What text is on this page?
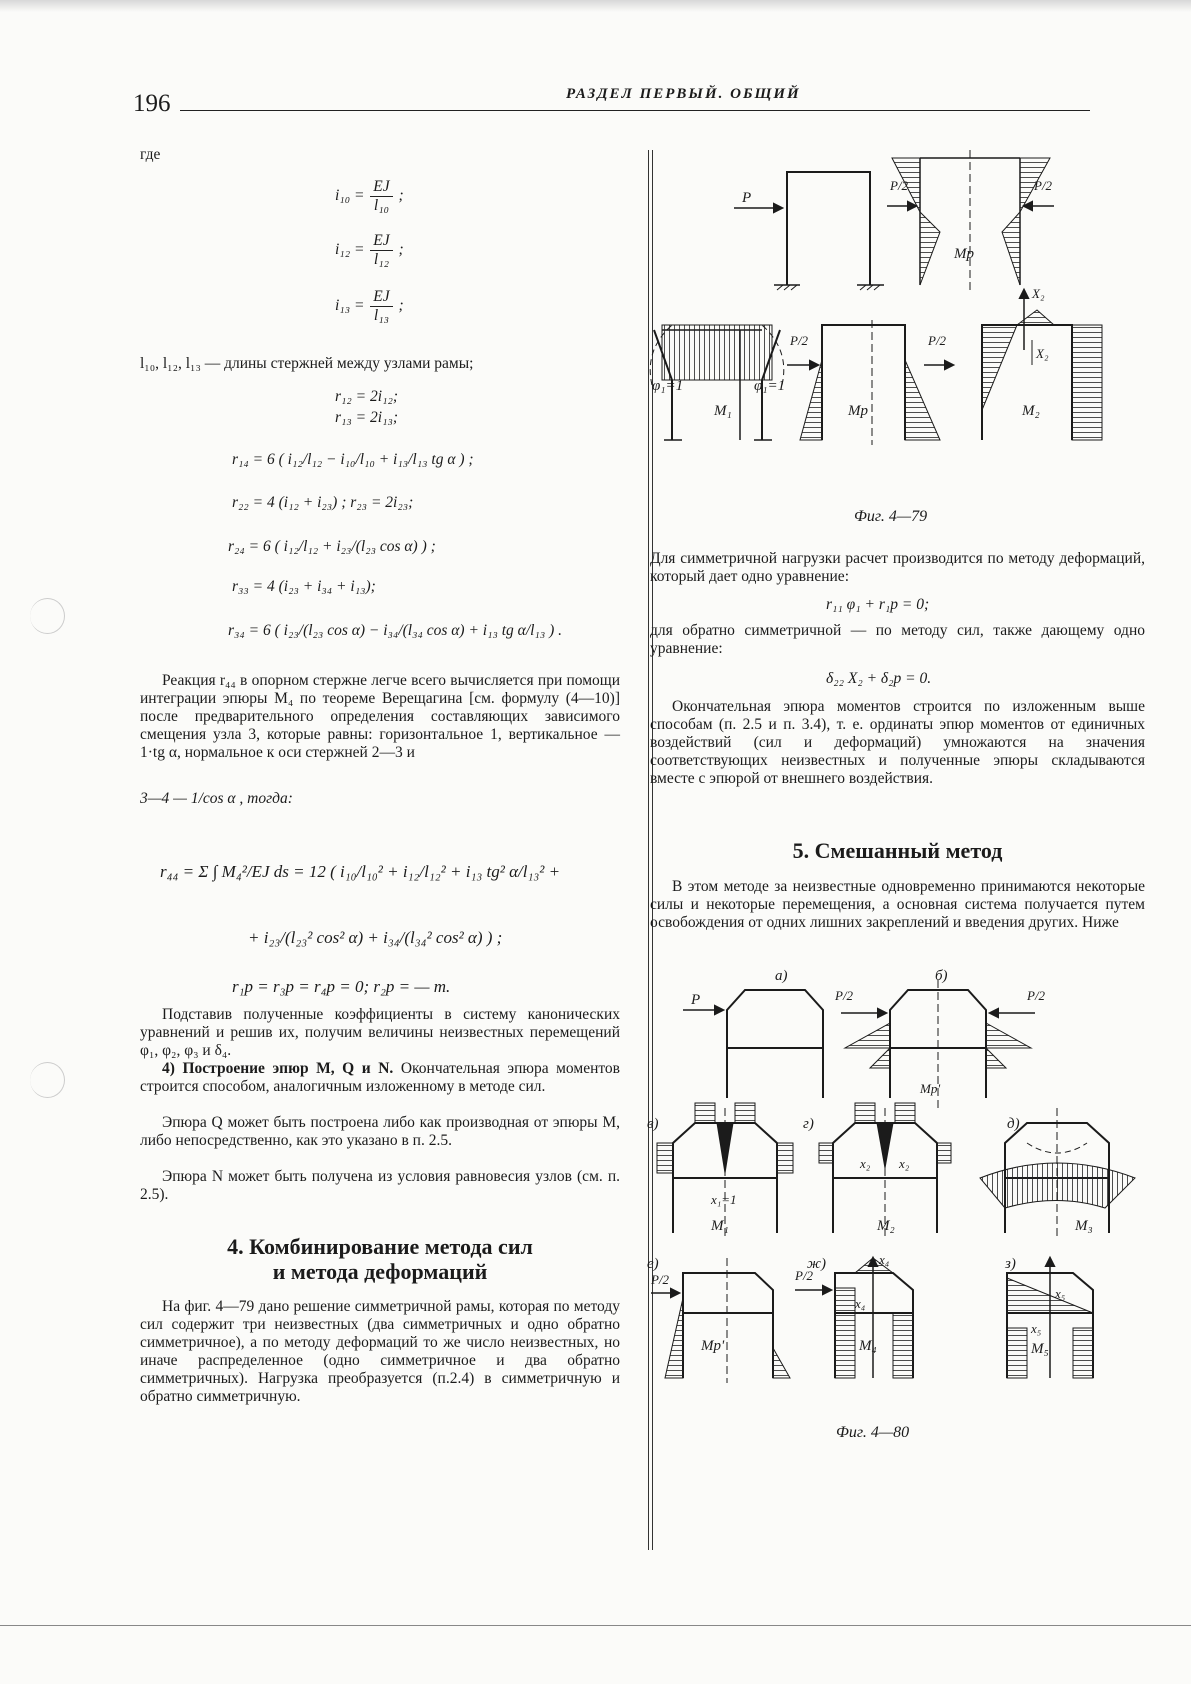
196	РАЗДЕЛ ПЕРВЫЙ. ОБЩИЙ
где
$i_{10} = \frac{EJ}{\text{l₁₀}}$ ;
$i_{12} = \frac{EJ}{\text{l₁₂}}$ ;
$i_{13} = \frac{EJ}{\text{l₁₃}}$ ;
l₁₀, l₁₂, l₁₃ — длины стержней между узлами рамы;
r₁₂ = 2i₁₂;
r₁₃ = 2i₁₃;
r₁₄ = 6 ( i₁₂/l₁₂ − i₁₀/l₁₀ + i₁₃/l₁₃ tg α ) ;
r₂₂ = 4 (i₁₂ + i₂₃) ; r₂₃ = 2i₂₃;
r₂₄ = 6 ( i₁₂/l₁₂ + i₂₃/(l₂₃ cos α) ) ;
r₃₃ = 4 (i₂₃ + i₃₄ + i₁₃);
r₃₄ = 6 ( i₂₃/(l₂₃ cos α) − i₃₄/(l₃₄ cos α) + i₁₃ tg α/l₁₃ ) .
Реакция r₄₄ в опорном стержне легче всего вычисляется при помощи интеграции эпюры M₄ по теореме Верещагина [см. формулу (4—10)] после предварительного определения составляющих зависимого смещения узла 3, которые равны: горизонтальное 1, вертикальное — 1·tg α, нормальное к оси стержней 2—3 и
3—4 — 1/cos α , тогда:
r₄₄ = Σ ∫ M₄²/EJ ds = 12 ( i₁₀/l₁₀² + i₁₂/l₁₂² + i₁₃ tg² α/l₁₃² +
+ i₂₃/(l₂₃² cos² α) + i₃₄/(l₃₄² cos² α) ) ;
r₁p = r₃p = r₄p = 0; r₂p = — m.
Подставив полученные коэффициенты в систему канонических уравнений и решив их, получим величины неизвестных перемещений φ₁, φ₂, φ₃ и δ₄.
4) Построение эпюр M, Q и N. Окончательная эпюра моментов строится способом, аналогичным изложенному в методе сил.
Эпюра Q может быть построена либо как производная от эпюры M, либо непосредственно, как это указано в п. 2.5.
Эпюра N может быть получена из условия равновесия узлов (см. п. 2.5).
4. Комбинирование метода сил
и метода деформаций
На фиг. 4—79 дано решение симметричной рамы, которая по методу сил содержит три неизвестных (два симметричных и одно обратно симметричное), а по методу деформаций то же число неизвестных, но иначе распределенное (одно симметричное и два обратно симметричных). Нагрузка преобразуется (п.2.4) в симметричную и обратно симметричную.
P
P/2	P/2
Mp
φ₁=1	φ₁=1
M₁
P/2	P/2
Mp
X₂
X₂
M₂
Фиг. 4—79
Для симметричной нагрузки расчет производится по методу деформаций, который дает одно уравнение:
r₁₁ φ₁ + r₁p = 0;
для обратно симметричной — по методу сил, также дающему одно уравнение:
δ₂₂ X₂ + δ₂p = 0.
Окончательная эпюра моментов строится по изложенным выше способам (п. 2.5 и п. 3.4), т. е. ординаты эпюр моментов от единичных воздействий (сил и деформаций) умножаются на значения соответствующих неизвестных и полученные эпюры складываются вместе с эпюрой от внешнего воздействия.
5. Смешанный метод
В этом методе за неизвестные одновременно принимаются некоторые силы и некоторые перемещения, а основная система получается путем освобождения от одних лишних закреплений и введения других. Ниже
a)	б)
P	P/2	P/2
Mp'
в)	г)	д)
x₁=1
M₁
x₂ x₂
M₂	M₃
е)	ж)	з)
P/2
Mp'
P/2
x₄
x₄
M₄
x₅
x₅
M₅
Фиг. 4—80
